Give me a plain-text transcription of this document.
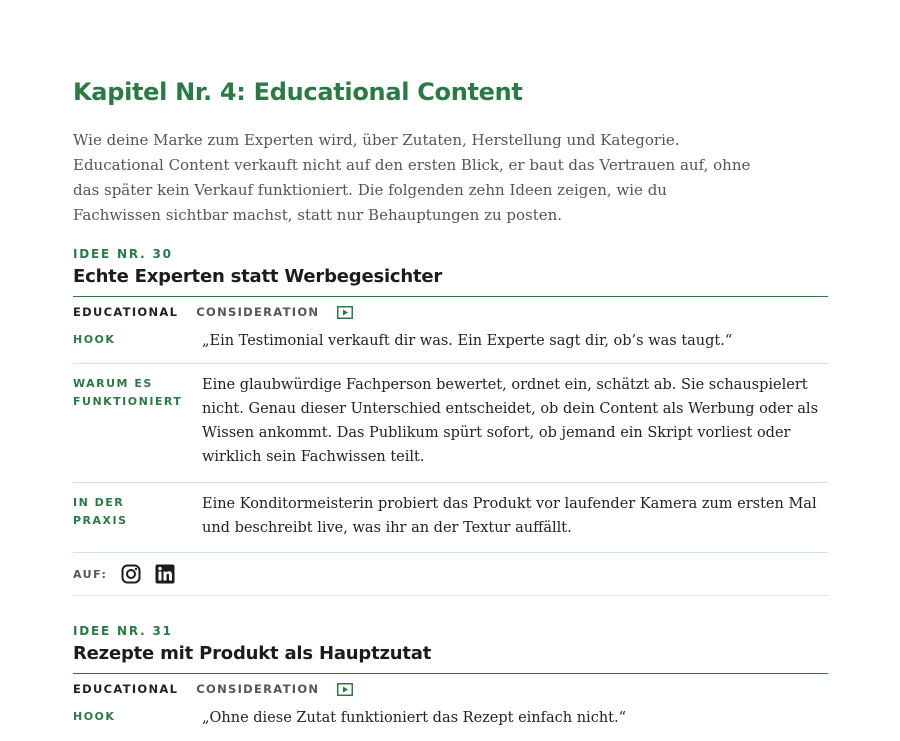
Kapitel Nr. 4: Educational Content
Wie deine Marke zum Experten wird, über Zutaten, Herstellung und Kategorie. Educational Content verkauft nicht auf den ersten Blick, er baut das Vertrauen auf, ohne das später kein Verkauf funktioniert. Die folgenden zehn Ideen zeigen, wie du Fachwissen sichtbar machst, statt nur Behauptungen zu posten.
IDEE NR. 30
Echte Experten statt Werbegesichter
EDUCATIONAL CONSIDERATION
HOOK	„Ein Testimonial verkauft dir was. Ein Experte sagt dir, ob’s was taugt.“
WARUM ES FUNKTIONIERT
Eine glaubwürdige Fachperson bewertet, ordnet ein, schätzt ab. Sie schauspielert nicht. Genau dieser Unterschied entscheidet, ob dein Content als Werbung oder als Wissen ankommt. Das Publikum spürt sofort, ob jemand ein Skript vorliest oder wirklich sein Fachwissen teilt.
IN DER PRAXIS
Eine Konditormeisterin probiert das Produkt vor laufender Kamera zum ersten Mal und beschreibt live, was ihr an der Textur auffällt.
AUF:
IDEE NR. 31
Rezepte mit Produkt als Hauptzutat
EDUCATIONAL CONSIDERATION
HOOK	„Ohne diese Zutat funktioniert das Rezept einfach nicht.“
